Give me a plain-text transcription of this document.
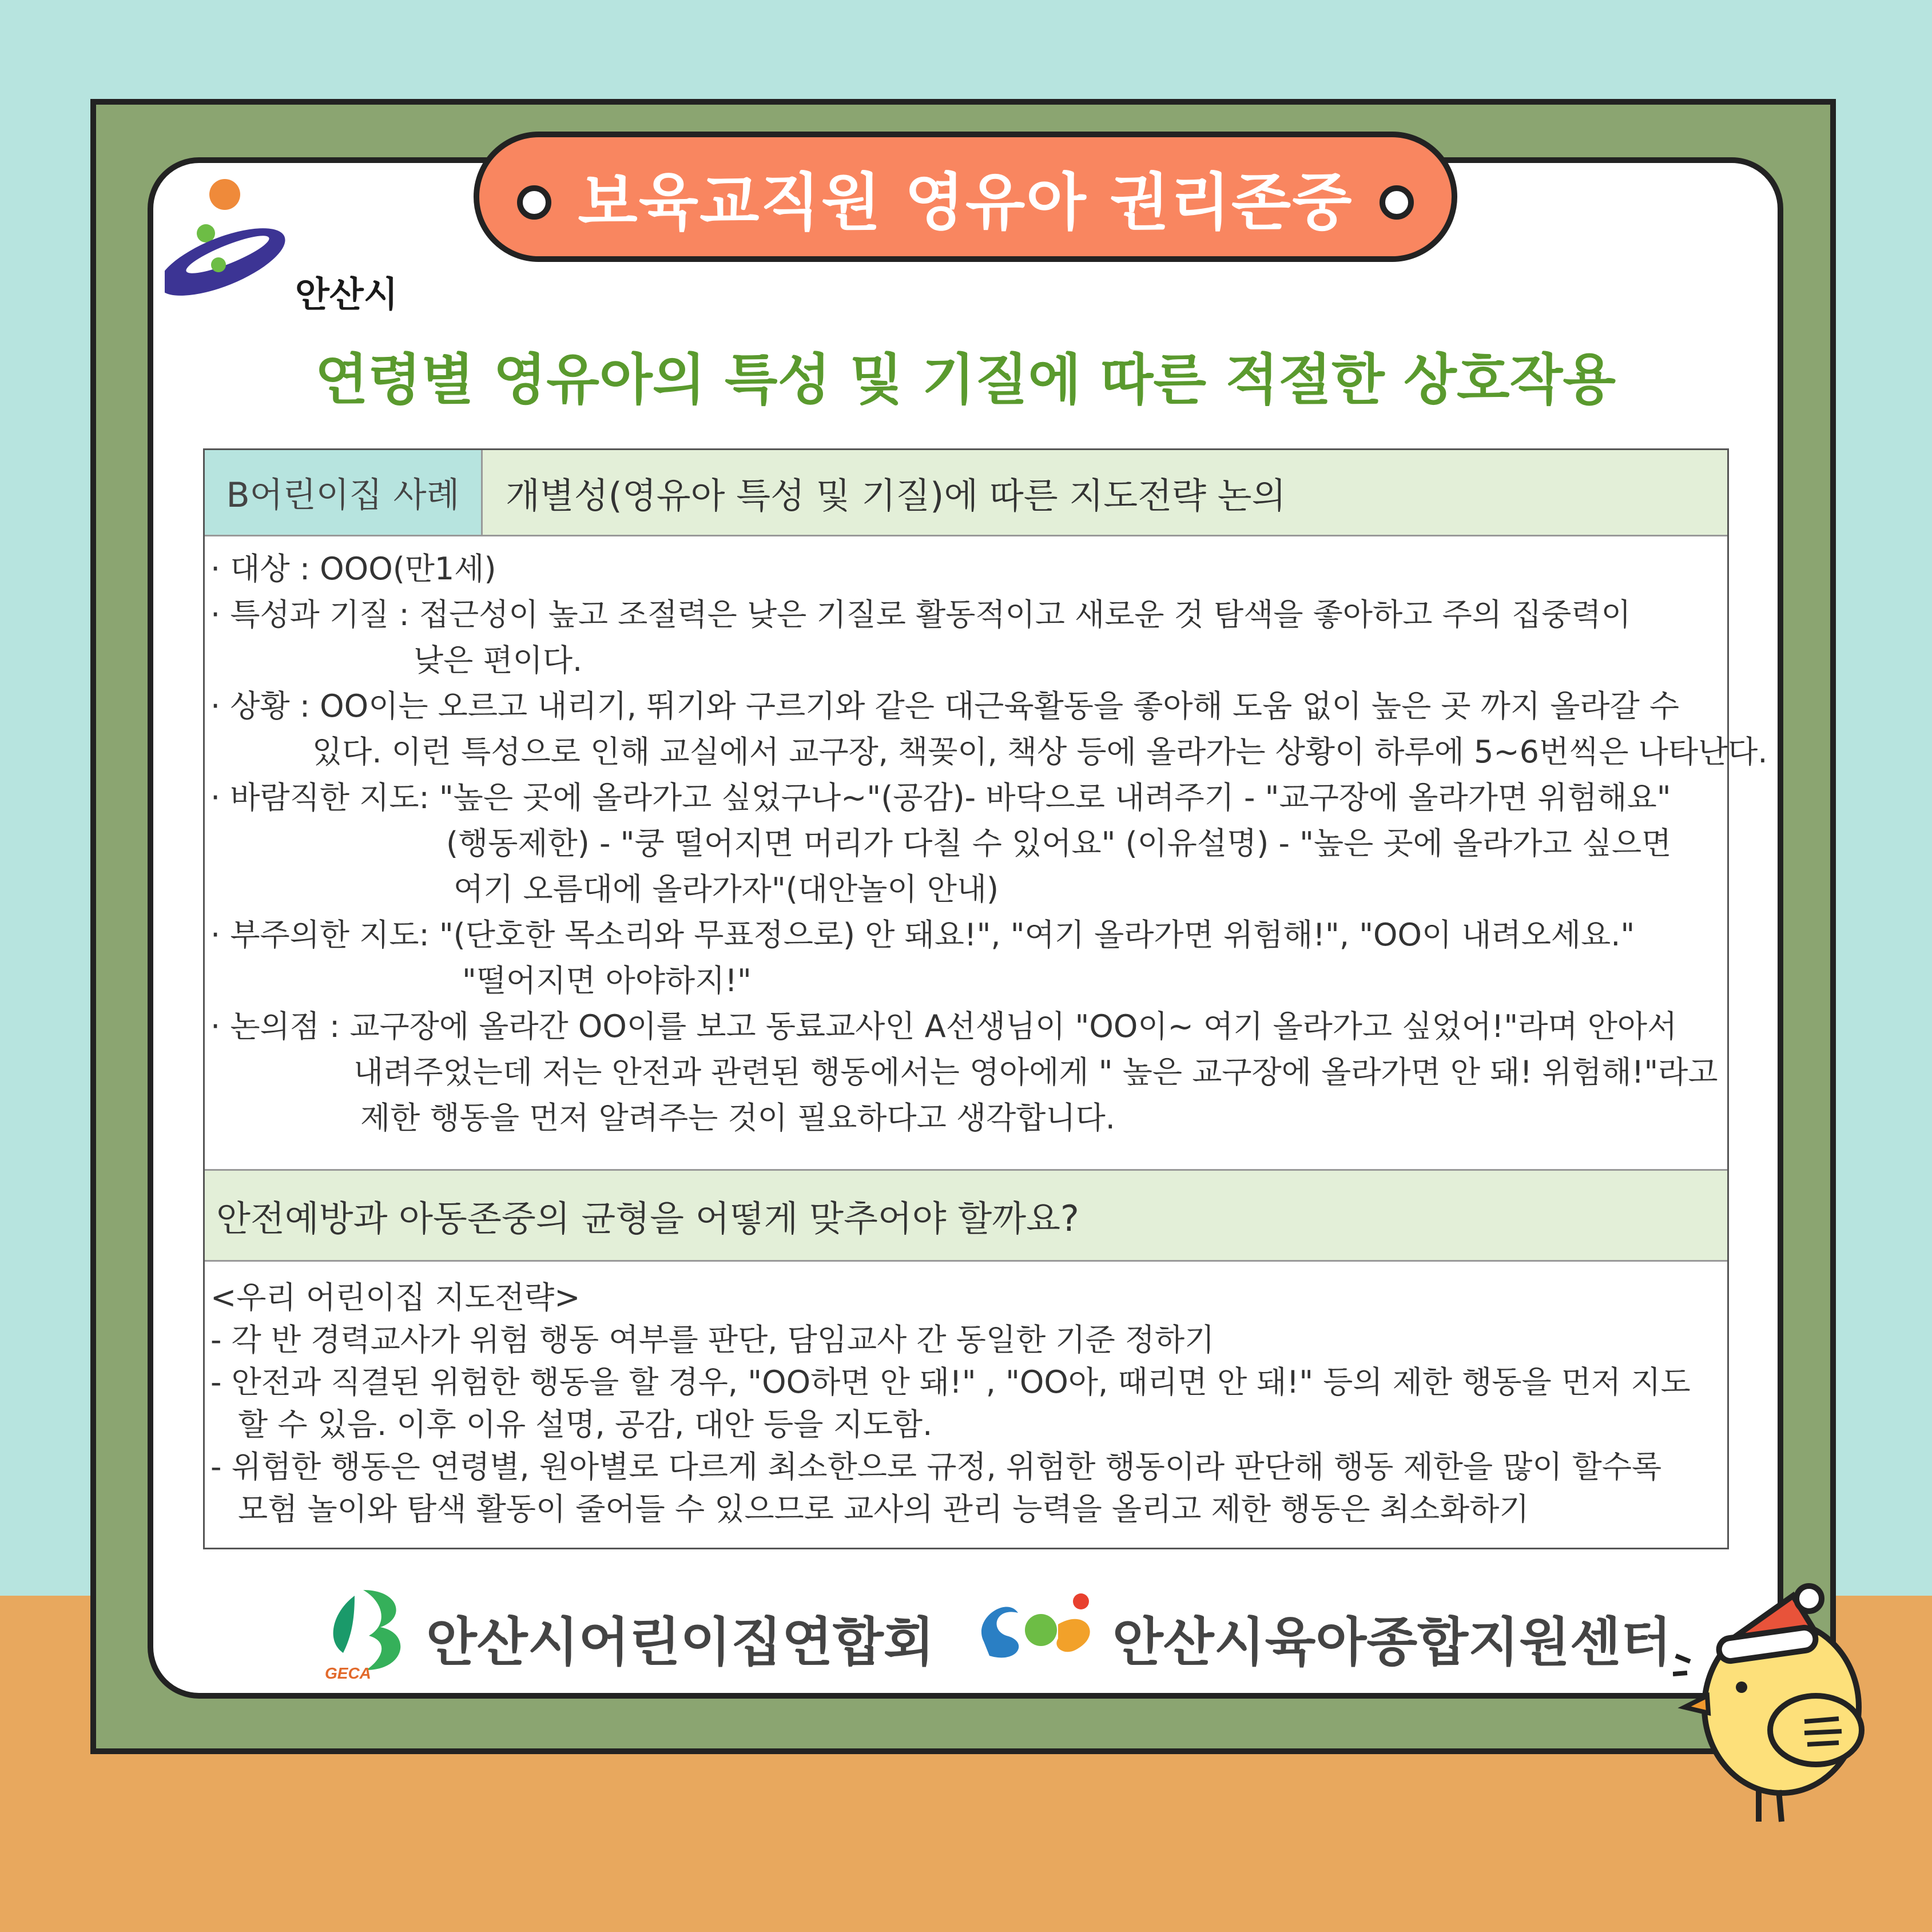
보육교직원 영유아 권리존중
안산시
연령별 영유아의 특성 및 기질에 따른 적절한 상호작용
B어린이집 사례	개별성(영유아 특성 및 기질)에 따른 지도전략 논의
· 대상 : OOO(만1세)
· 특성과 기질 : 접근성이 높고 조절력은 낮은 기질로 활동적이고 새로운 것 탐색을 좋아하고 주의 집중력이
낮은 편이다.
· 상황 : OO이는 오르고 내리기, 뛰기와 구르기와 같은 대근육활동을 좋아해 도움 없이 높은 곳 까지 올라갈 수
있다. 이런 특성으로 인해 교실에서 교구장, 책꽂이, 책상 등에 올라가는 상황이 하루에 5~6번씩은 나타난다.
· 바람직한 지도: "높은 곳에 올라가고 싶었구나~"(공감)- 바닥으로 내려주기 - "교구장에 올라가면 위험해요"
(행동제한) - "쿵 떨어지면 머리가 다칠 수 있어요" (이유설명) - "높은 곳에 올라가고 싶으면
여기 오름대에 올라가자"(대안놀이 안내)
· 부주의한 지도: "(단호한 목소리와 무표정으로) 안 돼요!", "여기 올라가면 위험해!", "OO이 내려오세요."
"떨어지면 아야하지!"
· 논의점 : 교구장에 올라간 OO이를 보고 동료교사인 A선생님이 "OO이~ 여기 올라가고 싶었어!"라며 안아서
내려주었는데 저는 안전과 관련된 행동에서는 영아에게 " 높은 교구장에 올라가면 안 돼! 위험해!"라고
제한 행동을 먼저 알려주는 것이 필요하다고 생각합니다.
안전예방과 아동존중의 균형을 어떻게 맞추어야 할까요?
<우리 어린이집 지도전략>
- 각 반 경력교사가 위험 행동 여부를 판단, 담임교사 간 동일한 기준 정하기
- 안전과 직결된 위험한 행동을 할 경우, "OO하면 안 돼!" , "OO아, 때리면 안 돼!" 등의 제한 행동을 먼저 지도
할 수 있음. 이후 이유 설명, 공감, 대안 등을 지도함.
- 위험한 행동은 연령별, 원아별로 다르게 최소한으로 규정, 위험한 행동이라 판단해 행동 제한을 많이 할수록
모험 놀이와 탐색 활동이 줄어들 수 있으므로 교사의 관리 능력을 올리고 제한 행동은 최소화하기
GECA
안산시어린이집연합회	안산시육아종합지원센터
